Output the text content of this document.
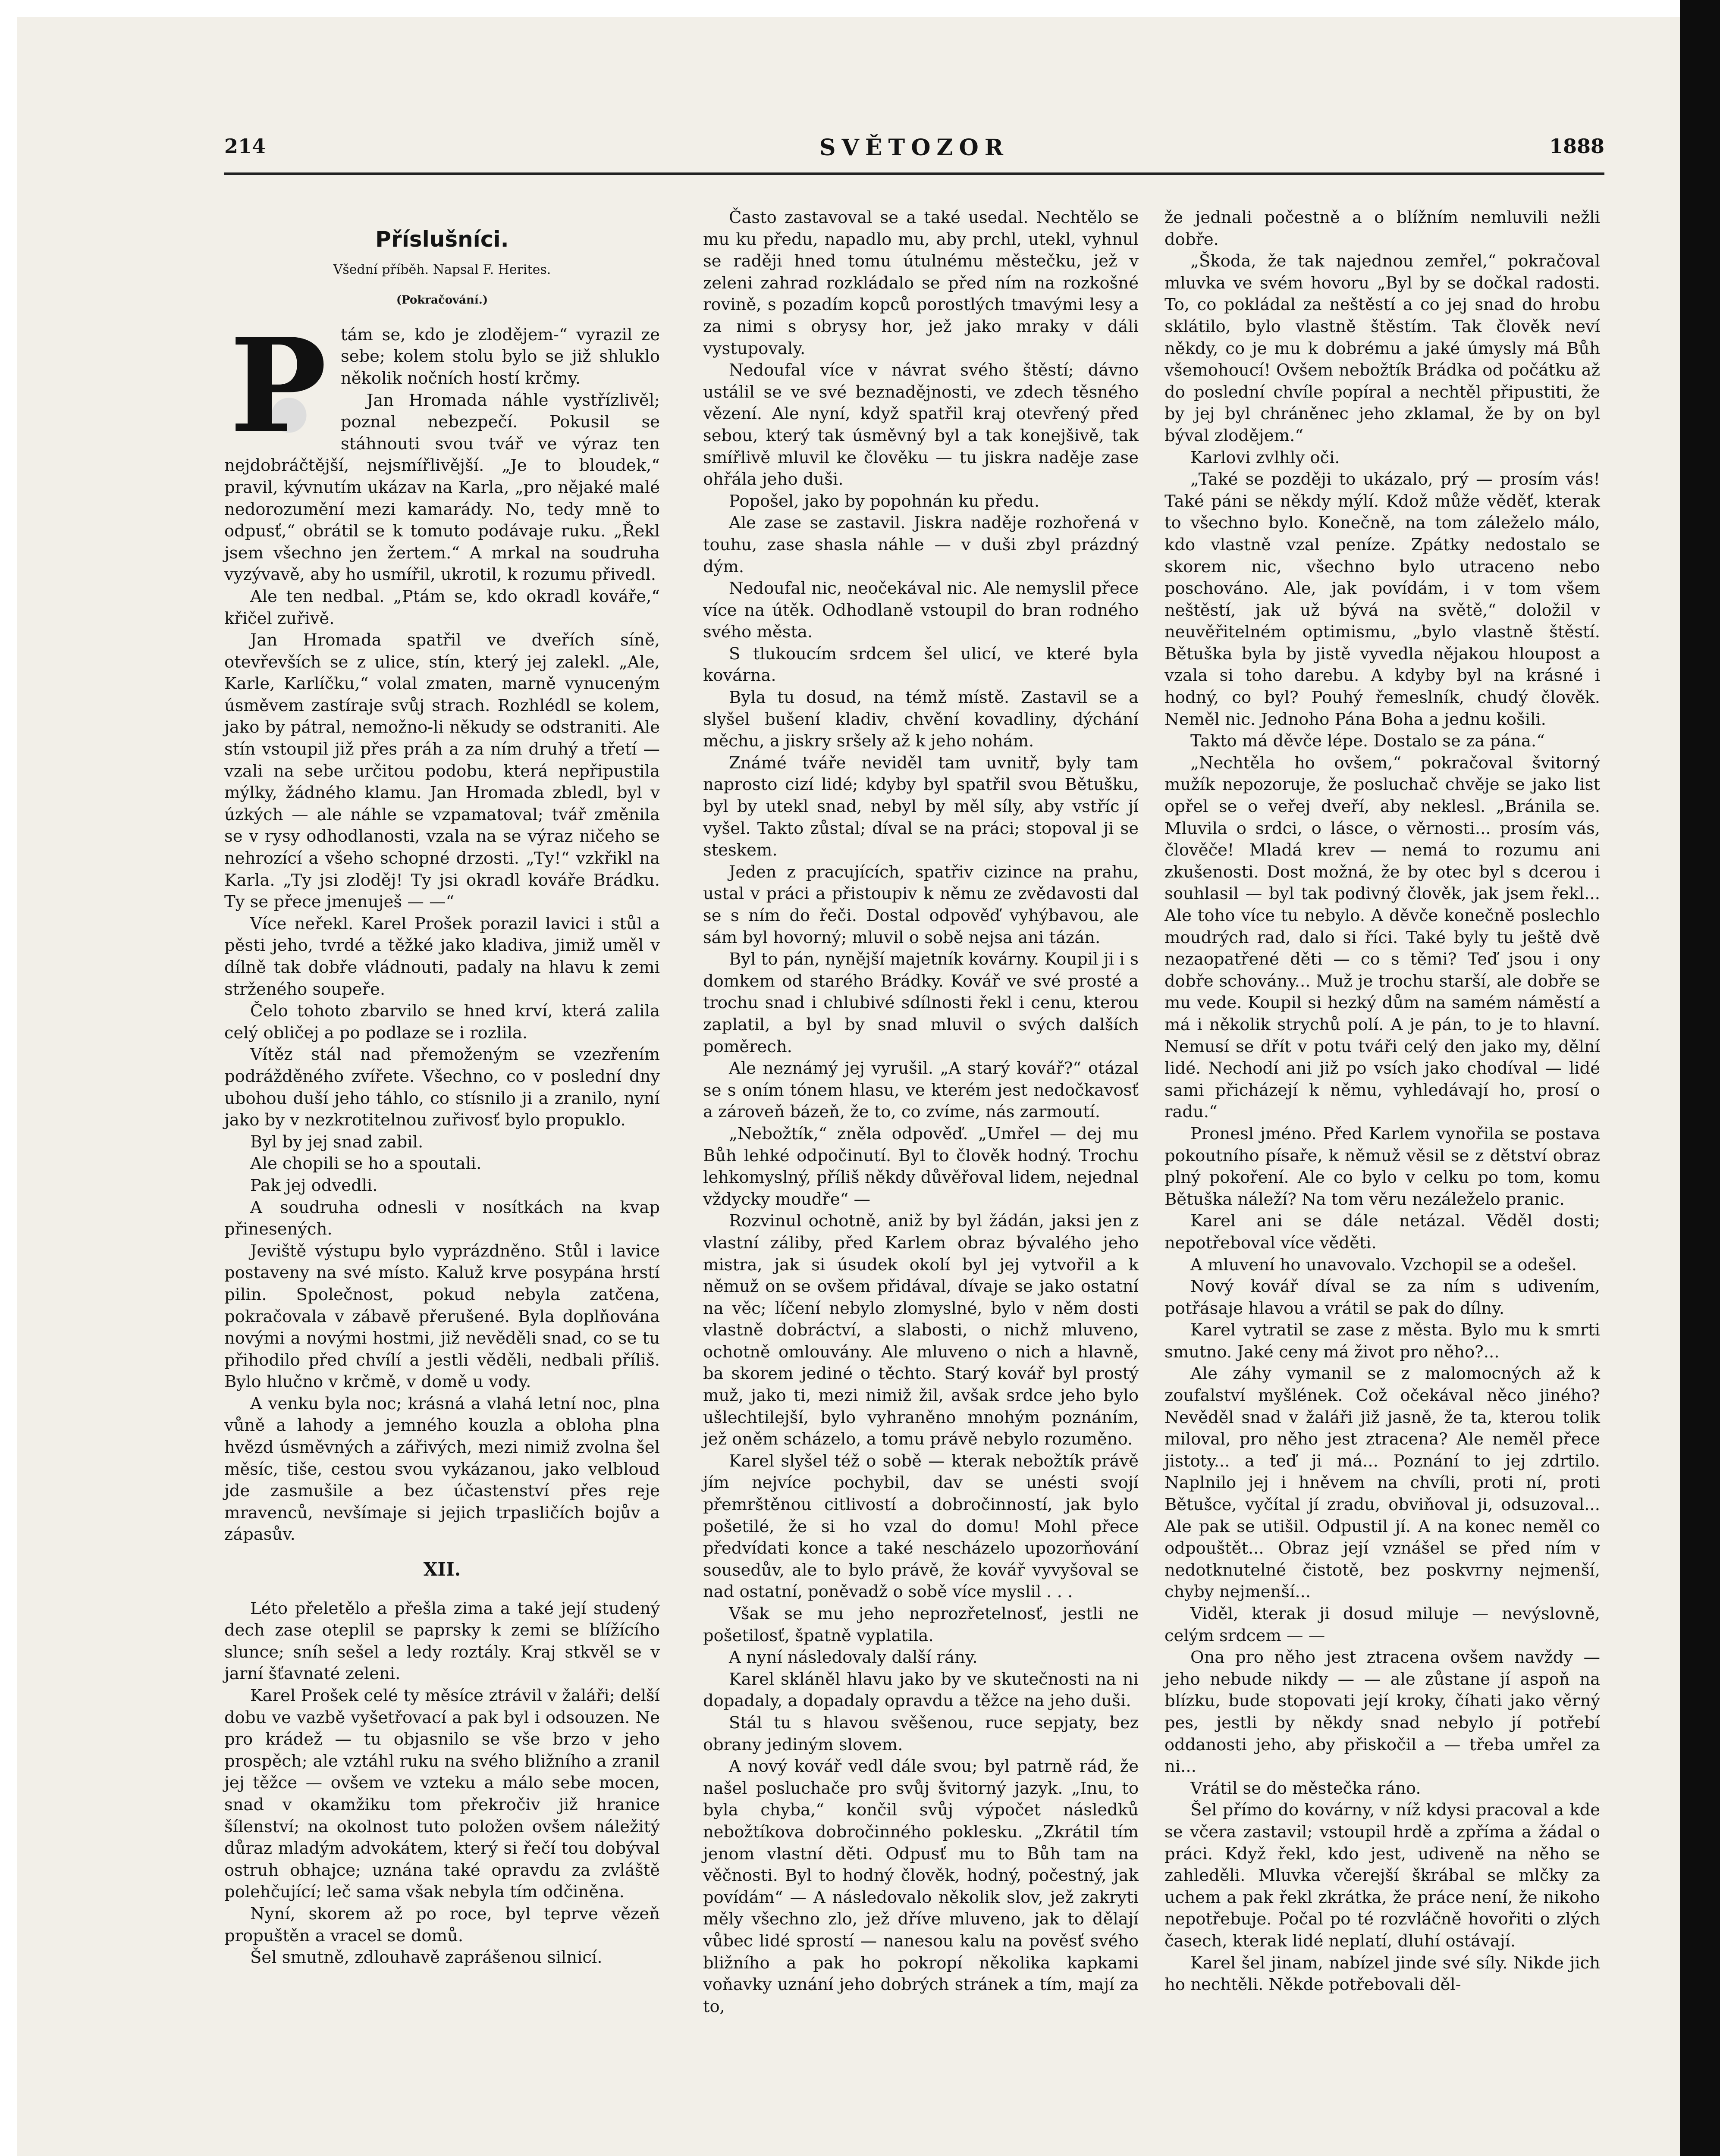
214	SVĚTOZOR	1888
Příslušníci.
Všední příběh. Napsal F. Herites.
(Pokračování.)

P tám se, kdo je zlodějem-“ vyrazil ze sebe; kolem stolu bylo se již shluklo několik nočních hostí krčmy.

Jan Hromada náhle vystřízlivěl; poznal nebezpečí. Pokusil se stáhnouti svou tvář ve výraz ten nejdobráčtější, nejsmířlivější. „Je to bloudek,“ pravil, kývnutím ukázav na Karla, „pro nějaké malé nedorozumění mezi kamarády. No, tedy mně to odpusť,“ obrátil se k tomuto podávaje ruku. „Řekl jsem všechno jen žertem.“ A mrkal na soudruha vyzývavě, aby ho usmířil, ukrotil, k rozumu přivedl.

Ale ten nedbal. „Ptám se, kdo okradl kováře,“ křičel zuřivě.

Jan Hromada spatřil ve dveřích síně, otevřevších se z ulice, stín, který jej zalekl. „Ale, Karle, Karlíčku,“ volal zmaten, marně vynuceným úsměvem zastíraje svůj strach. Rozhlédl se kolem, jako by pátral, nemožno-li někudy se odstraniti. Ale stín vstoupil již přes práh a za ním druhý a třetí — vzali na sebe určitou podobu, která nepřipustila mýlky, žádného klamu. Jan Hromada zbledl, byl v úzkých — ale náhle se vzpamatoval; tvář změnila se v rysy odhodlanosti, vzala na se výraz ničeho se nehrozící a všeho schopné drzosti. „Ty!“ vzkřikl na Karla. „Ty jsi zloděj! Ty jsi okradl kováře Brádku. Ty se přece jmenuješ — —“

Více neřekl. Karel Prošek porazil lavici i stůl a pěsti jeho, tvrdé a těžké jako kladiva, jimiž uměl v dílně tak dobře vládnouti, padaly na hlavu k zemi strženého soupeře.

Čelo tohoto zbarvilo se hned krví, která zalila celý obličej a po podlaze se i rozlila.

Vítěz stál nad přemoženým se vzezřením podrážděného zvířete. Všechno, co v poslední dny ubohou duší jeho táhlo, co stísnilo ji a zranilo, nyní jako by v nezkrotitelnou zuřivosť bylo propuklo.

Byl by jej snad zabil.

Ale chopili se ho a spoutali.

Pak jej odvedli.

A soudruha odnesli v nosítkách na kvap přinesených.

Jeviště výstupu bylo vyprázdněno. Stůl i lavice postaveny na své místo. Kaluž krve posypána hrstí pilin. Společnost, pokud nebyla zatčena, pokračovala v zábavě přerušené. Byla doplňována novými a novými hostmi, již nevěděli snad, co se tu přihodilo před chvílí a jestli věděli, nedbali příliš. Bylo hlučno v krčmě, v domě u vody.

A venku byla noc; krásná a vlahá letní noc, plna vůně a lahody a jemného kouzla a obloha plna hvězd úsměvných a zářivých, mezi nimiž zvolna šel měsíc, tiše, cestou svou vykázanou, jako velbloud jde zasmušile a bez účastenství přes reje mravenců, nevšímaje si jejich trpasličích bojův a zápasův.

XII.

Léto přeletělo a přešla zima a také její studený dech zase oteplil se paprsky k zemi se blížícího slunce; sníh sešel a ledy roztály. Kraj stkvěl se v jarní šťavnaté zeleni.

Karel Prošek celé ty měsíce ztrávil v žaláři; delší dobu ve vazbě vyšetřovací a pak byl i odsouzen. Ne pro krádež — tu objasnilo se vše brzo v jeho prospěch; ale vztáhl ruku na svého bližního a zranil jej těžce — ovšem ve vzteku a málo sebe mocen, snad v okamžiku tom překročiv již hranice šílenství; na okolnost tuto položen ovšem náležitý důraz mladým advokátem, který si řečí tou dobýval ostruh obhajce; uznána také opravdu za zvláště polehčující; leč sama však nebyla tím odčiněna.

Nyní, skorem až po roce, byl teprve vězeň propuštěn a vracel se domů.

Šel smutně, zdlouhavě zaprášenou silnicí.

Často zastavoval se a také usedal. Nechtělo se mu ku předu, napadlo mu, aby prchl, utekl, vyhnul se raději hned tomu útulnému městečku, jež v zeleni zahrad rozkládalo se před ním na rozkošné rovině, s pozadím kopců porostlých tmavými lesy a za nimi s obrysy hor, jež jako mraky v dáli vystupovaly.

Nedoufal více v návrat svého štěstí; dávno ustálil se ve své beznadějnosti, ve zdech těsného vězení. Ale nyní, když spatřil kraj otevřený před sebou, který tak úsměvný byl a tak konejšivě, tak smířlivě mluvil ke člověku — tu jiskra naděje zase ohřála jeho duši.

Popošel, jako by popohnán ku předu.

Ale zase se zastavil. Jiskra naděje rozhořená v touhu, zase shasla náhle — v duši zbyl prázdný dým.

Nedoufal nic, neočekával nic. Ale nemyslil přece více na útěk. Odhodlaně vstoupil do bran rodného svého města.

S tlukoucím srdcem šel ulicí, ve které byla kovárna.

Byla tu dosud, na témž místě. Zastavil se a slyšel bušení kladiv, chvění kovadliny, dýchání měchu, a jiskry sršely až k jeho nohám.

Známé tváře neviděl tam uvnitř, byly tam naprosto cizí lidé; kdyby byl spatřil svou Bětušku, byl by utekl snad, nebyl by měl síly, aby vstříc jí vyšel. Takto zůstal; díval se na práci; stopoval ji se steskem.

Jeden z pracujících, spatřiv cizince na prahu, ustal v práci a přistoupiv k němu ze zvědavosti dal se s ním do řeči. Dostal odpověď vyhýbavou, ale sám byl hovorný; mluvil o sobě nejsa ani tázán.

Byl to pán, nynější majetník kovárny. Koupil ji i s domkem od starého Brádky. Kovář ve své prosté a trochu snad i chlubivé sdílnosti řekl i cenu, kterou zaplatil, a byl by snad mluvil o svých dalších poměrech.

Ale neznámý jej vyrušil. „A starý kovář?“ otázal se s oním tónem hlasu, ve kterém jest nedočkavosť a zároveň bázeň, že to, co zvíme, nás zarmoutí.

„Nebožtík,“ zněla odpověď. „Umřel — dej mu Bůh lehké odpočinutí. Byl to člověk hodný. Trochu lehkomyslný, příliš někdy důvěřoval lidem, nejednal vždycky moudře“ —

Rozvinul ochotně, aniž by byl žádán, jaksi jen z vlastní záliby, před Karlem obraz bývalého jeho mistra, jak si úsudek okolí byl jej vytvořil a k němuž on se ovšem přidával, dívaje se jako ostatní na věc; líčení nebylo zlomyslné, bylo v něm dosti vlastně dobráctví, a slabosti, o nichž mluveno, ochotně omlouvány. Ale mluveno o nich a hlavně, ba skorem jediné o těchto. Starý kovář byl prostý muž, jako ti, mezi nimiž žil, avšak srdce jeho bylo ušlechtilejší, bylo vyhraněno mnohým poznáním, jež oněm scházelo, a tomu právě nebylo rozuměno.

Karel slyšel též o sobě — kterak nebožtík právě jím nejvíce pochybil, dav se unésti svojí přemrštěnou citlivostí a dobročinností, jak bylo pošetilé, že si ho vzal do domu! Mohl přece předvídati konce a také nescházelo upozorňování sousedův, ale to bylo právě, že kovář vyvyšoval se nad ostatní, poněvadž o sobě více myslil . . .

Však se mu jeho neprozřetelnosť, jestli ne pošetilosť, špatně vyplatila.

A nyní následovaly další rány.

Karel skláněl hlavu jako by ve skutečnosti na ni dopadaly, a dopadaly opravdu a těžce na jeho duši.

Stál tu s hlavou svěšenou, ruce sepjaty, bez obrany jediným slovem.

A nový kovář vedl dále svou; byl patrně rád, že našel posluchače pro svůj švitorný jazyk. „Inu, to byla chyba,“ končil svůj výpočet následků nebožtíkova dobročinného poklesku. „Zkrátil tím jenom vlastní děti. Odpusť mu to Bůh tam na věčnosti. Byl to hodný člověk, hodný, počestný, jak povídám“ — A následovalo několik slov, jež zakryti měly všechno zlo, jež dříve mluveno, jak to dělají vůbec lidé sprostí — nanesou kalu na pověsť svého bližního a pak ho pokropí několika kapkami voňavky uznání jeho dobrých stránek a tím, mají za to,

že jednali počestně a o blížním nemluvili nežli dobře.

„Škoda, že tak najednou zemřel,“ pokračoval mluvka ve svém hovoru „Byl by se dočkal radosti. To, co pokládal za neštěstí a co jej snad do hrobu sklátilo, bylo vlastně štěstím. Tak člověk neví někdy, co je mu k dobrému a jaké úmysly má Bůh všemohoucí! Ovšem nebožtík Brádka od počátku až do poslední chvíle popíral a nechtěl připustiti, že by jej byl chráněnec jeho zklamal, že by on byl býval zlodějem.“

Karlovi zvlhly oči.

„Také se později to ukázalo, prý — prosím vás! Také páni se někdy mýlí. Kdož může věděť, kterak to všechno bylo. Konečně, na tom záleželo málo, kdo vlastně vzal peníze. Zpátky nedostalo se skorem nic, všechno bylo utraceno nebo poschováno. Ale, jak povídám, i v tom všem neštěstí, jak už bývá na světě,“ doložil v neuvěřitelném optimismu, „bylo vlastně štěstí. Bětuška byla by jistě vyvedla nějakou hloupost a vzala si toho darebu. A kdyby byl na krásné i hodný, co byl? Pouhý řemeslník, chudý člověk. Neměl nic. Jednoho Pána Boha a jednu košili.

Takto má děvče lépe. Dostalo se za pána.“

„Nechtěla ho ovšem,“ pokračoval švitorný mužík nepozoruje, že posluchač chvěje se jako list opřel se o veřej dveří, aby neklesl. „Bránila se. Mluvila o srdci, o lásce, o věrnosti... prosím vás, člověče! Mladá krev — nemá to rozumu ani zkušenosti. Dost možná, že by otec byl s dcerou i souhlasil — byl tak podivný člověk, jak jsem řekl... Ale toho více tu nebylo. A děvče konečně poslechlo moudrých rad, dalo si říci. Také byly tu ještě dvě nezaopatřené děti — co s těmi? Teď jsou i ony dobře schovány... Muž je trochu starší, ale dobře se mu vede. Koupil si hezký dům na samém náměstí a má i několik strychů polí. A je pán, to je to hlavní. Nemusí se dřít v potu tváři celý den jako my, dělní lidé. Nechodí ani již po vsích jako chodíval — lidé sami přicházejí k němu, vyhledávají ho, prosí o radu.“

Pronesl jméno. Před Karlem vynořila se postava pokoutního písaře, k němuž věsil se z dětství obraz plný pokoření. Ale co bylo v celku po tom, komu Bětuška náleží? Na tom věru nezáleželo pranic.

Karel ani se dále netázal. Věděl dosti; nepotřeboval více věděti.

A mluvení ho unavovalo. Vzchopil se a odešel.

Nový kovář díval se za ním s udivením, potřásaje hlavou a vrátil se pak do dílny.

Karel vytratil se zase z města. Bylo mu k smrti smutno. Jaké ceny má život pro něho?...

Ale záhy vymanil se z malomocných až k zoufalství myšlének. Což očekával něco jiného? Nevěděl snad v žaláři již jasně, že ta, kterou tolik miloval, pro něho jest ztracena? Ale neměl přece jistoty... a teď ji má... Poznání to jej zdrtilo. Naplnilo jej i hněvem na chvíli, proti ní, proti Bětušce, vyčítal jí zradu, obviňoval ji, odsuzoval... Ale pak se utišil. Odpustil jí. A na konec neměl co odpouštět... Obraz její vznášel se před ním v nedotknutelné čistotě, bez poskvrny nejmenší, chyby nejmenší...

Viděl, kterak ji dosud miluje — nevýslovně, celým srdcem — —

Ona pro něho jest ztracena ovšem navždy — jeho nebude nikdy — — ale zůstane jí aspoň na blízku, bude stopovati její kroky, číhati jako věrný pes, jestli by někdy snad nebylo jí potřebí oddanosti jeho, aby přiskočil a — třeba umřel za ni...

Vrátil se do městečka ráno.

Šel přímo do kovárny, v níž kdysi pracoval a kde se včera zastavil; vstoupil hrdě a zpříma a žádal o práci. Když řekl, kdo jest, udiveně na něho se zahleděli. Mluvka včerejší škrábal se mlčky za uchem a pak řekl zkrátka, že práce není, že nikoho nepotřebuje. Počal po té rozvláčně hovořiti o zlých časech, kterak lidé neplatí, dluhí ostávají.

Karel šel jinam, nabízel jinde své síly. Nikde jich ho nechtěli. Někde potřebovali děl-
